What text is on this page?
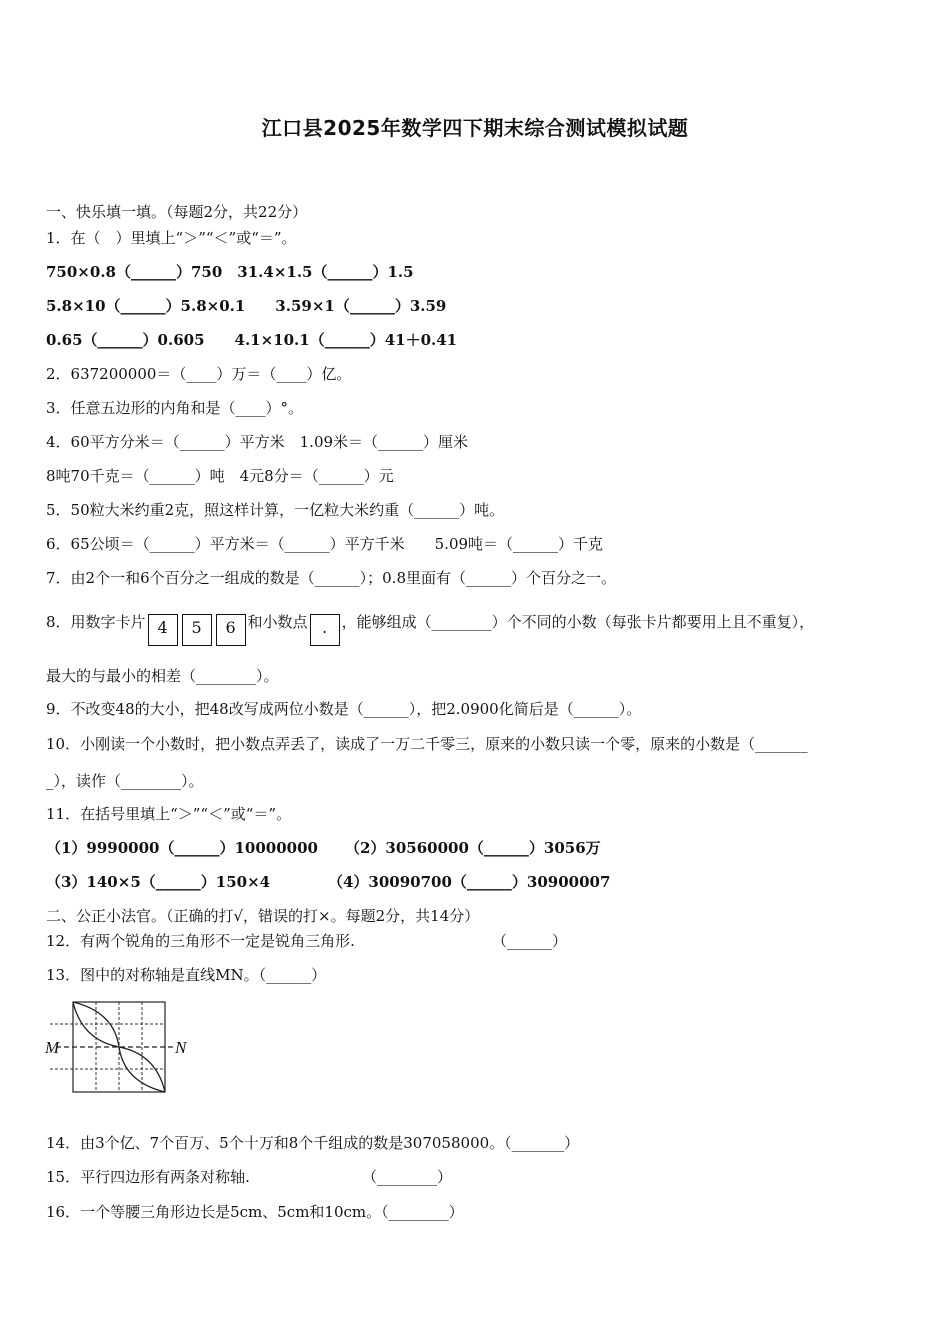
江口县2025年数学四下期末综合测试模拟试题
一、快乐填一填。（每题2分，共22分）
1．在（　）里填上“＞”“＜”或“＝”。
750×0.8（______）750　31.4×1.5（______）1.5
5.8×10（______）5.8×0.1　　3.59×1（______）3.59
0.65（______）0.605　　4.1×10.1（______）41＋0.41
2．637200000＝（____）万＝（____）亿。
3．任意五边形的内角和是（____）°。
4．60平方分米＝（______）平方米　1.09米＝（______）厘米
8吨70千克＝（______）吨　4元8分＝（______）元
5．50粒大米约重2克，照这样计算，一亿粒大米约重（______）吨。
6．65公顷＝（______）平方米＝（______）平方千米　　5.09吨＝（______）千克
7．由2个一和6个百分之一组成的数是（______）；0.8里面有（______）个百分之一。
8．用数字卡片 4 5 6 和小数点 . ，能够组成（________）个不同的小数（每张卡片都要用上且不重复），
最大的与最小的相差（________）。
9．不改变48的大小，把48改写成两位小数是（______），把2.0900化简后是（______）。
10．小刚读一个小数时，把小数点弄丢了，读成了一万二千零三，原来的小数只读一个零，原来的小数是（_______
_），读作（________）。
11．在括号里填上“＞”“＜”或“＝”。
（1）9990000（______）10000000 （2）30560000（______）3056万
（3）140×5（______）150×4	（4）30090700（______）30900007
二、公正小法官。（正确的打√，错误的打×。每题2分，共14分）
12．有两个锐角的三角形不一定是锐角三角形.	（______）
13．图中的对称轴是直线MN。（______）
M	N
14．由3个亿、7个百万、5个十万和8个千组成的数是307058000。（_______）
15．平行四边形有两条对称轴.	（________）
16．一个等腰三角形边长是5cm、5cm和10cm。（________）
